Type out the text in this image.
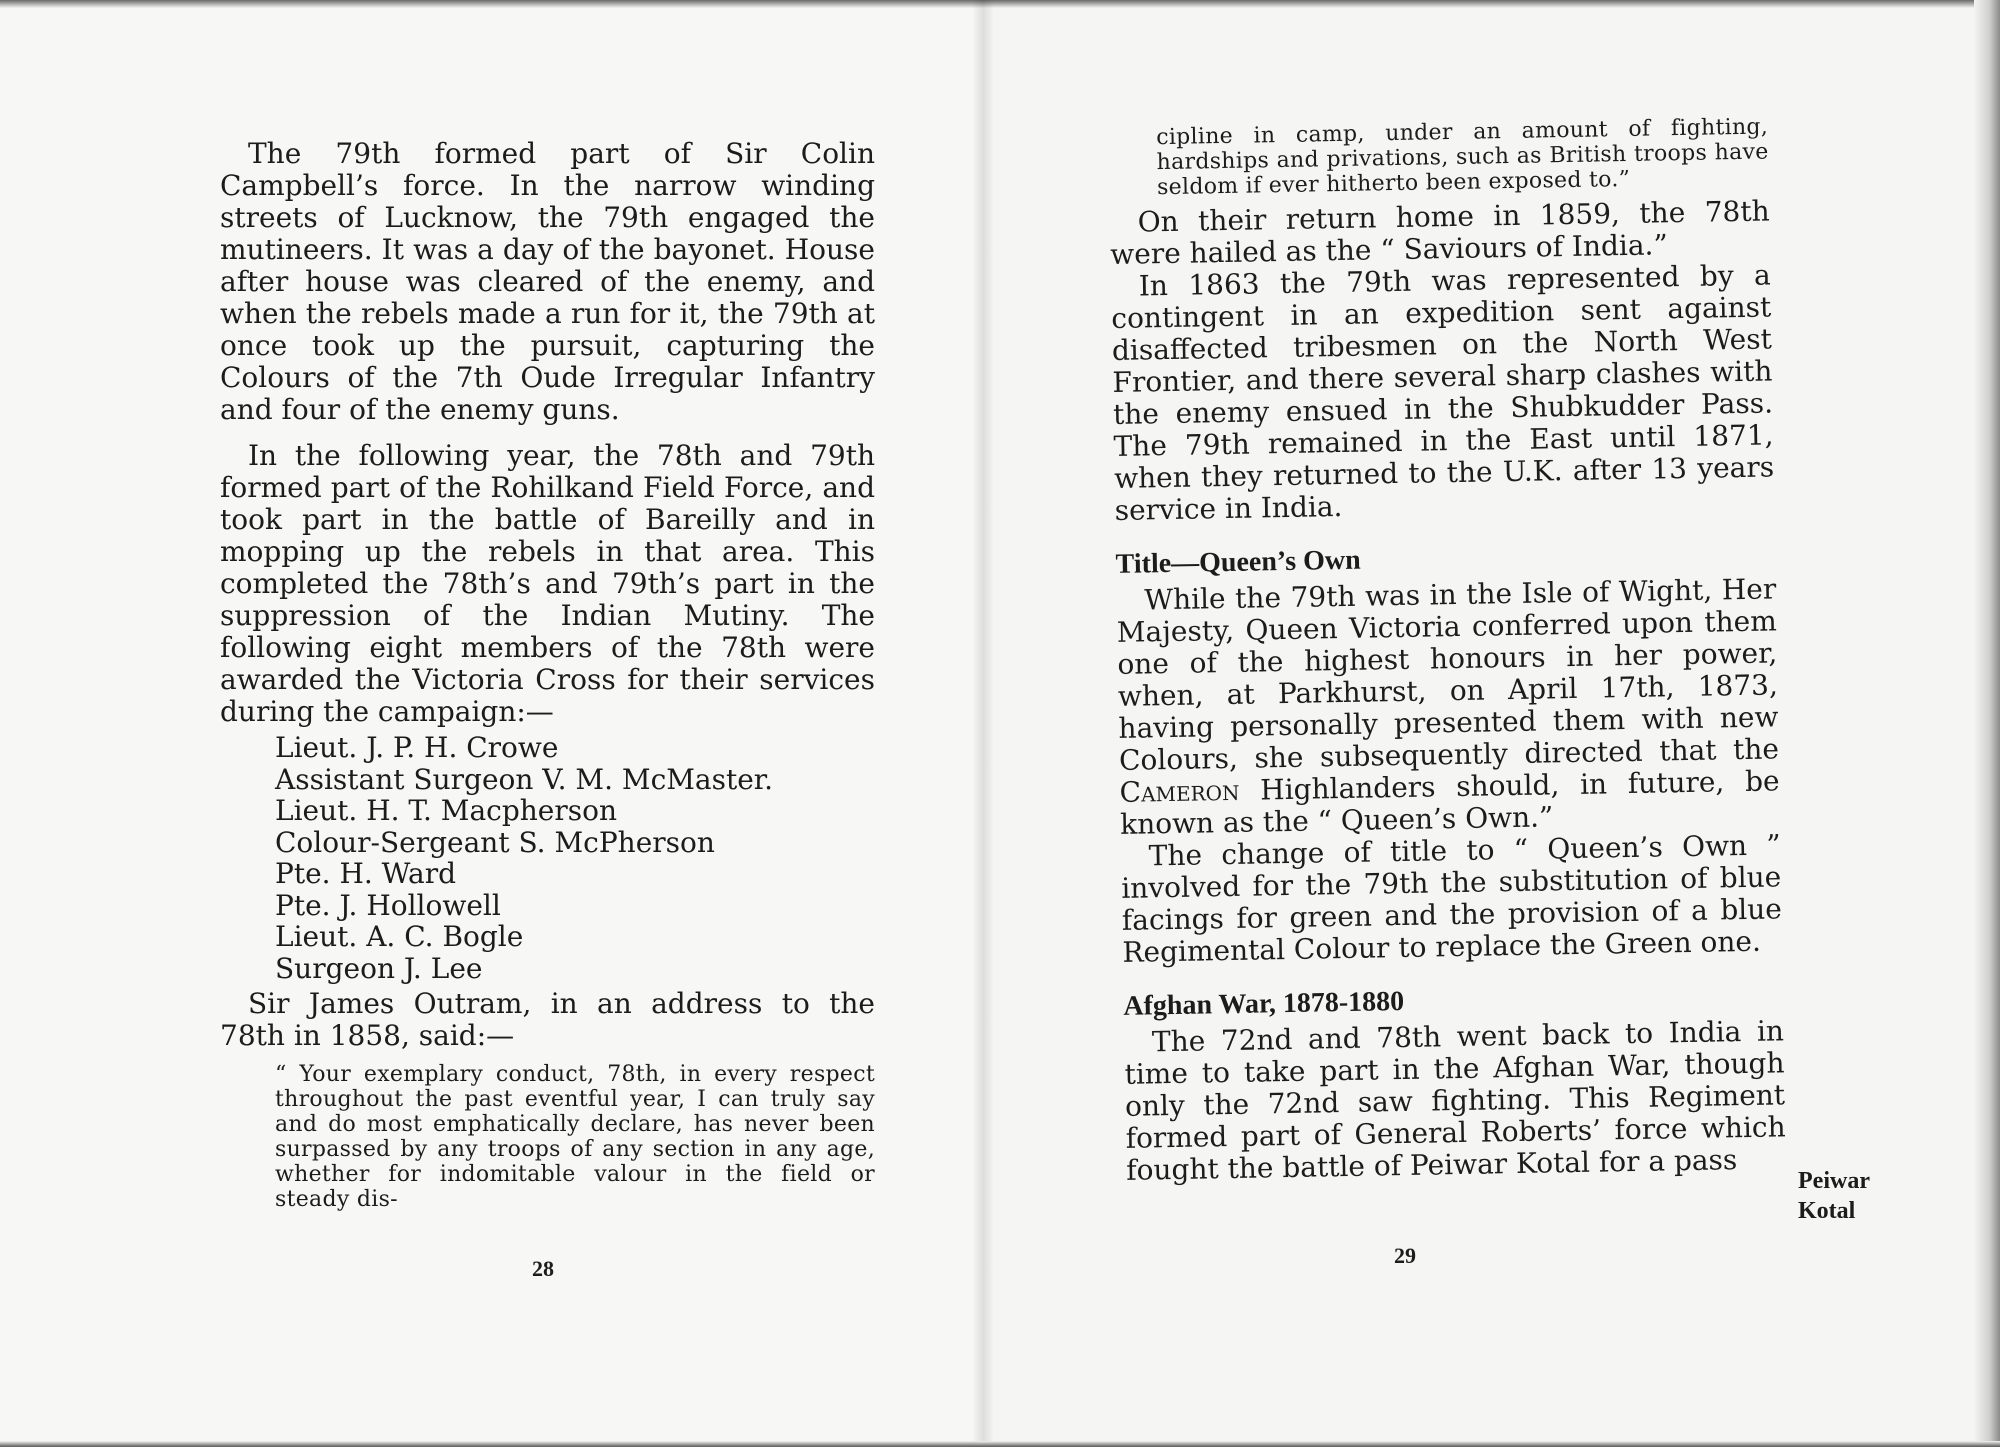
The 79th formed part of Sir Colin Campbell’s force. In the narrow winding streets of Lucknow, the 79th engaged the mutineers. It was a day of the bayonet. House after house was cleared of the enemy, and when the rebels made a run for it, the 79th at once took up the pursuit, capturing the Colours of the 7th Oude Irregular Infantry and four of the enemy guns.

In the following year, the 78th and 79th formed part of the Rohilkand Field Force, and took part in the battle of Bareilly and in mopping up the rebels in that area. This completed the 78th’s and 79th’s part in the suppression of the Indian Mutiny. The following eight members of the 78th were awarded the Victoria Cross for their services during the campaign:—

Lieut. J. P. H. Crowe
Assistant Surgeon V. M. McMaster.
Lieut. H. T. Macpherson
Colour-Sergeant S. McPherson
Pte. H. Ward
Pte. J. Hollowell
Lieut. A. C. Bogle
Surgeon J. Lee

Sir James Outram, in an address to the 78th in 1858, said:—

“ Your exemplary conduct, 78th, in every respect throughout the past eventful year, I can truly say and do most emphatically declare, has never been surpassed by any troops of any section in any age, whether for indomitable valour in the field or steady dis-

28

cipline in camp, under an amount of fighting, hardships and privations, such as British troops have seldom if ever hitherto been exposed to.”

On their return home in 1859, the 78th were hailed as the “ Saviours of India.”

In 1863 the 79th was represented by a contingent in an expedition sent against disaffected tribesmen on the North West Frontier, and there several sharp clashes with the enemy ensued in the Shubkudder Pass. The 79th remained in the East until 1871, when they returned to the U.K. after 13 years service in India.

Title—Queen’s Own

While the 79th was in the Isle of Wight, Her Majesty, Queen Victoria conferred upon them one of the highest honours in her power, when, at Parkhurst, on April 17th, 1873, having personally presented them with new Colours, she subsequently directed that the Cameron Highlanders should, in future, be known as the “ Queen’s Own.”

The change of title to “ Queen’s Own ” involved for the 79th the substitution of blue facings for green and the provision of a blue Regimental Colour to replace the Green one.

Afghan War, 1878-1880

The 72nd and 78th went back to India in time to take part in the Afghan War, though only the 72nd saw fighting. This Regiment formed part of General Roberts’ force which fought the battle of Peiwar Kotal for a pass	Peiwar
Kotal
29
